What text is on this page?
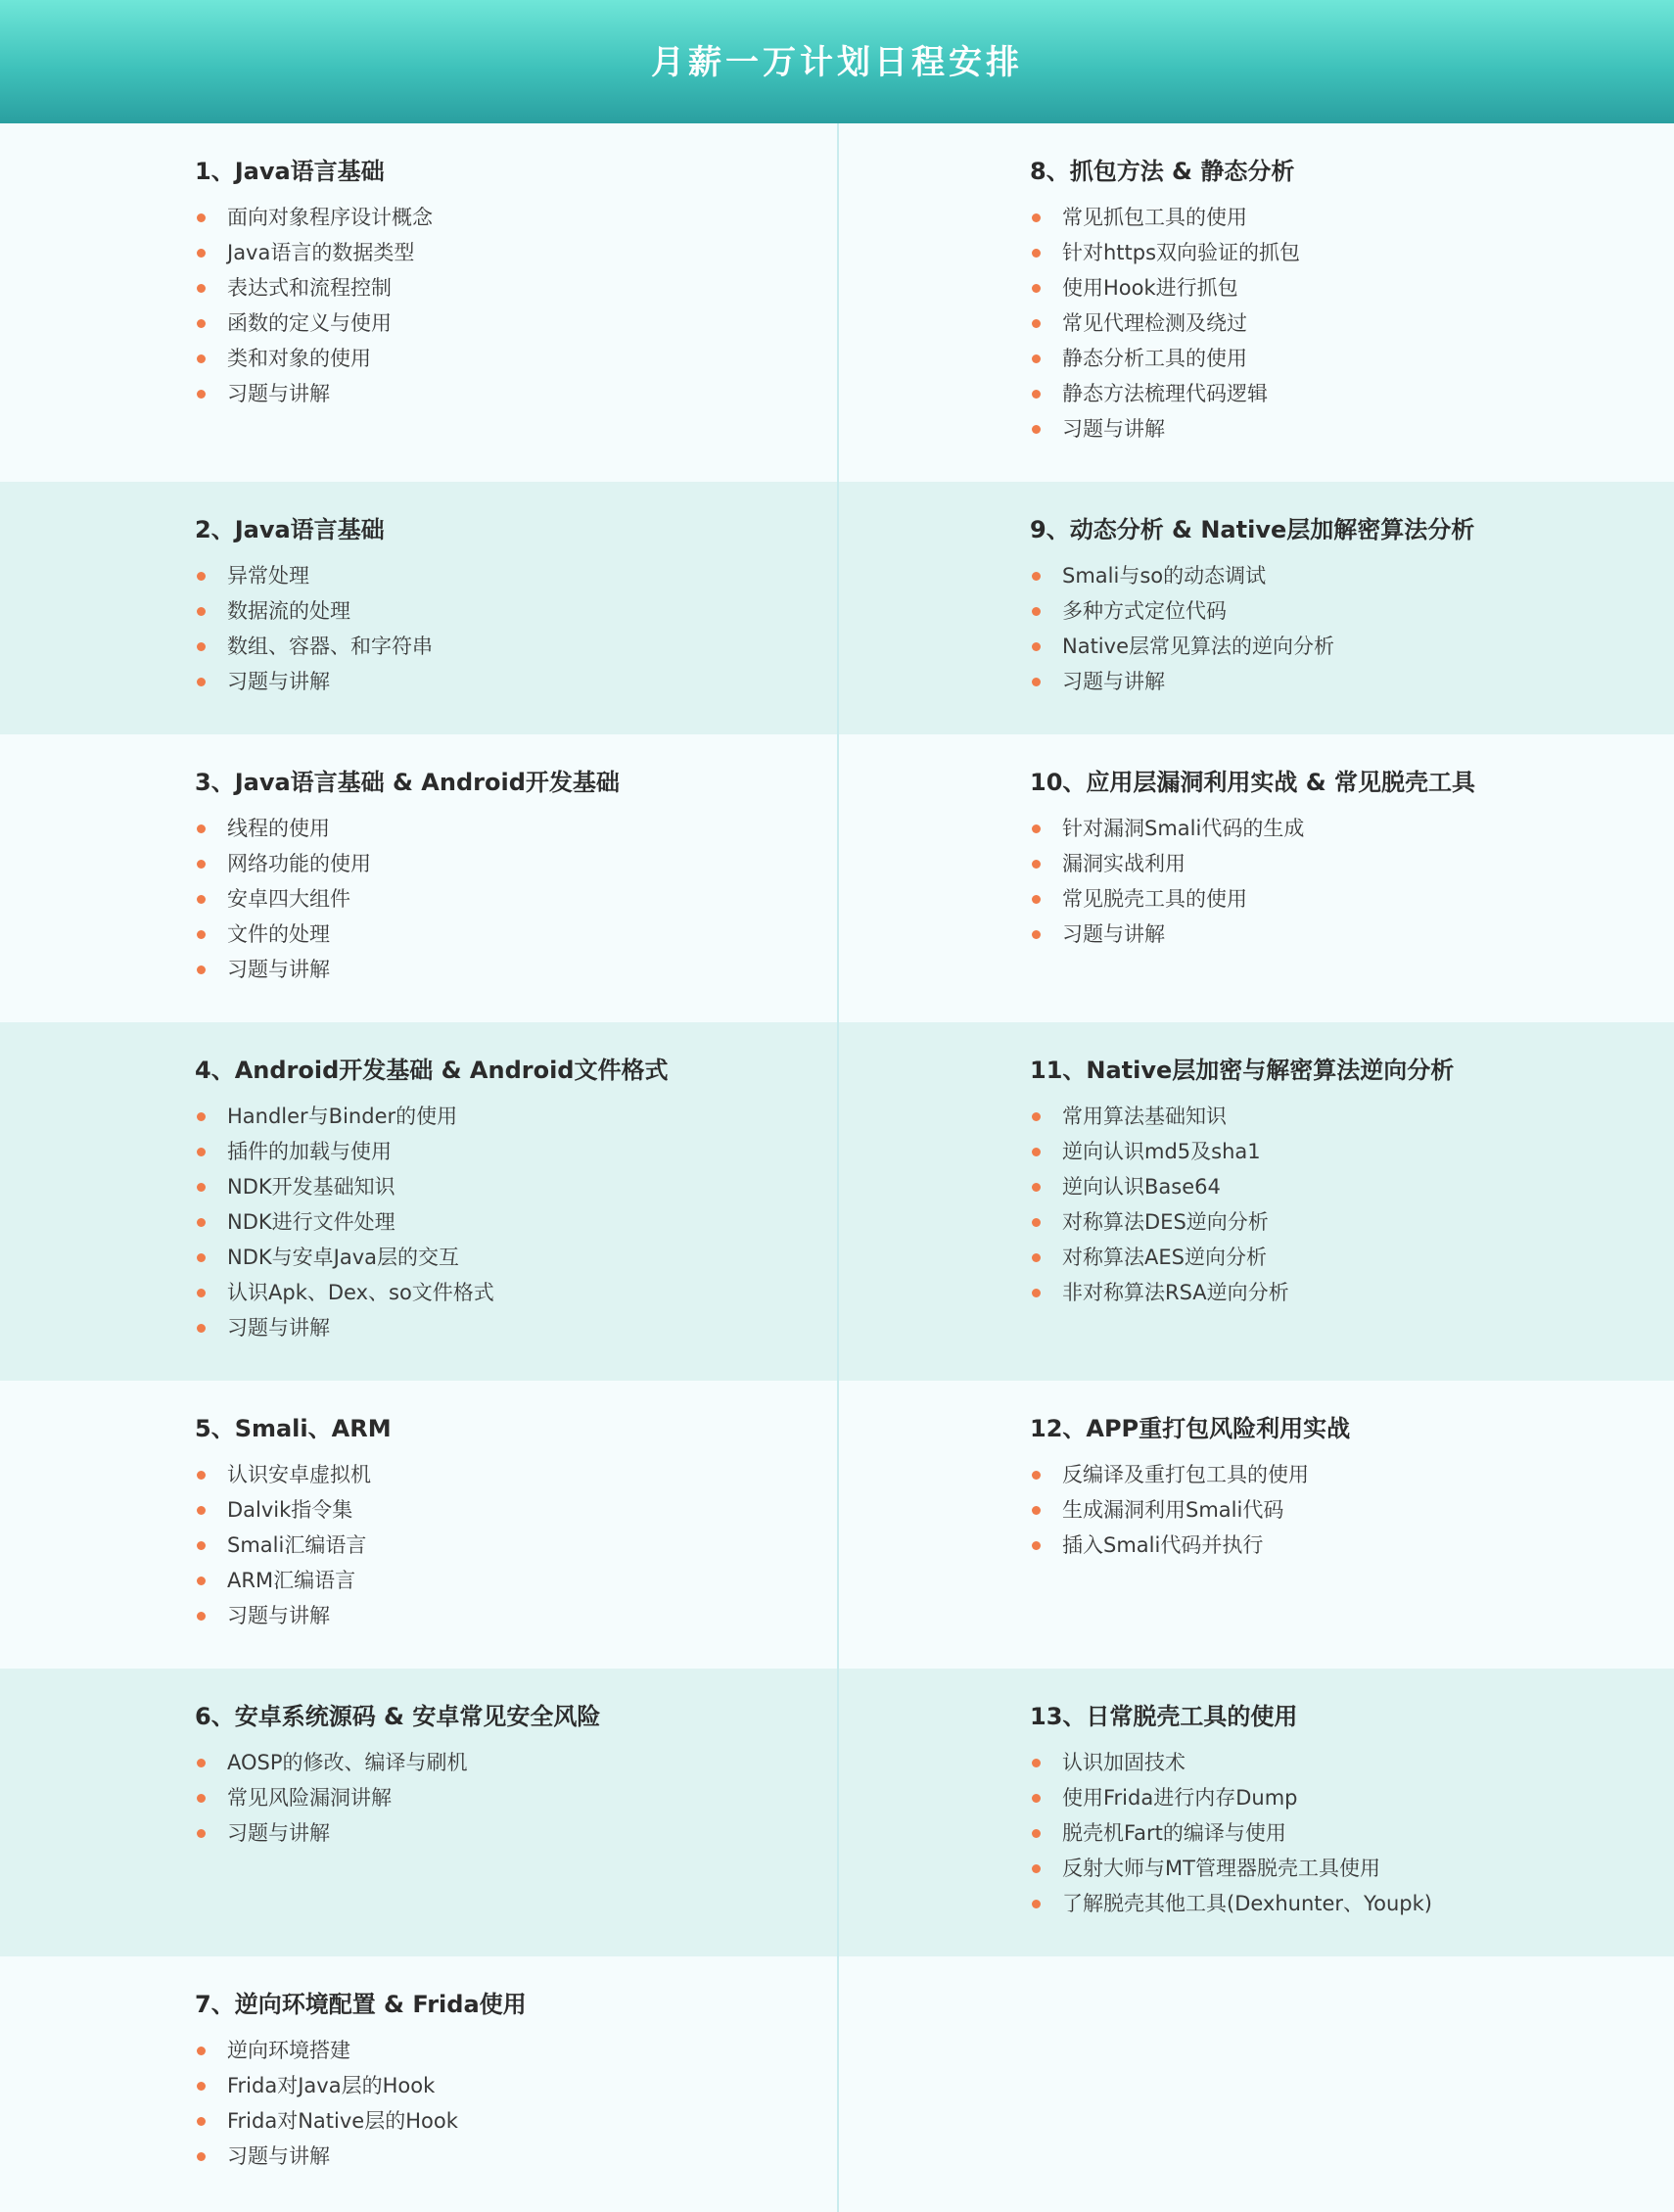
月薪一万计划日程安排
1、Java语言基础
面向对象程序设计概念
Java语言的数据类型
表达式和流程控制
函数的定义与使用
类和对象的使用
习题与讲解
8、抓包方法 & 静态分析
常见抓包工具的使用
针对https双向验证的抓包
使用Hook进行抓包
常见代理检测及绕过
静态分析工具的使用
静态方法梳理代码逻辑
习题与讲解
2、Java语言基础
异常处理
数据流的处理
数组、容器、和字符串
习题与讲解
9、动态分析 & Native层加解密算法分析
Smali与so的动态调试
多种方式定位代码
Native层常见算法的逆向分析
习题与讲解
3、Java语言基础 & Android开发基础
线程的使用
网络功能的使用
安卓四大组件
文件的处理
习题与讲解
10、应用层漏洞利用实战 & 常见脱壳工具
针对漏洞Smali代码的生成
漏洞实战利用
常见脱壳工具的使用
习题与讲解
4、Android开发基础 & Android文件格式
Handler与Binder的使用
插件的加载与使用
NDK开发基础知识
NDK进行文件处理
NDK与安卓Java层的交互
认识Apk、Dex、so文件格式
习题与讲解
11、Native层加密与解密算法逆向分析
常用算法基础知识
逆向认识md5及sha1
逆向认识Base64
对称算法DES逆向分析
对称算法AES逆向分析
非对称算法RSA逆向分析
5、Smali、ARM
认识安卓虚拟机
Dalvik指令集
Smali汇编语言
ARM汇编语言
习题与讲解
12、APP重打包风险利用实战
反编译及重打包工具的使用
生成漏洞利用Smali代码
插入Smali代码并执行
6、安卓系统源码 & 安卓常见安全风险
AOSP的修改、编译与刷机
常见风险漏洞讲解
习题与讲解
13、日常脱壳工具的使用
认识加固技术
使用Frida进行内存Dump
脱壳机Fart的编译与使用
反射大师与MT管理器脱壳工具使用
了解脱壳其他工具(Dexhunter、Youpk)
7、逆向环境配置 & Frida使用
逆向环境搭建
Frida对Java层的Hook
Frida对Native层的Hook
习题与讲解
